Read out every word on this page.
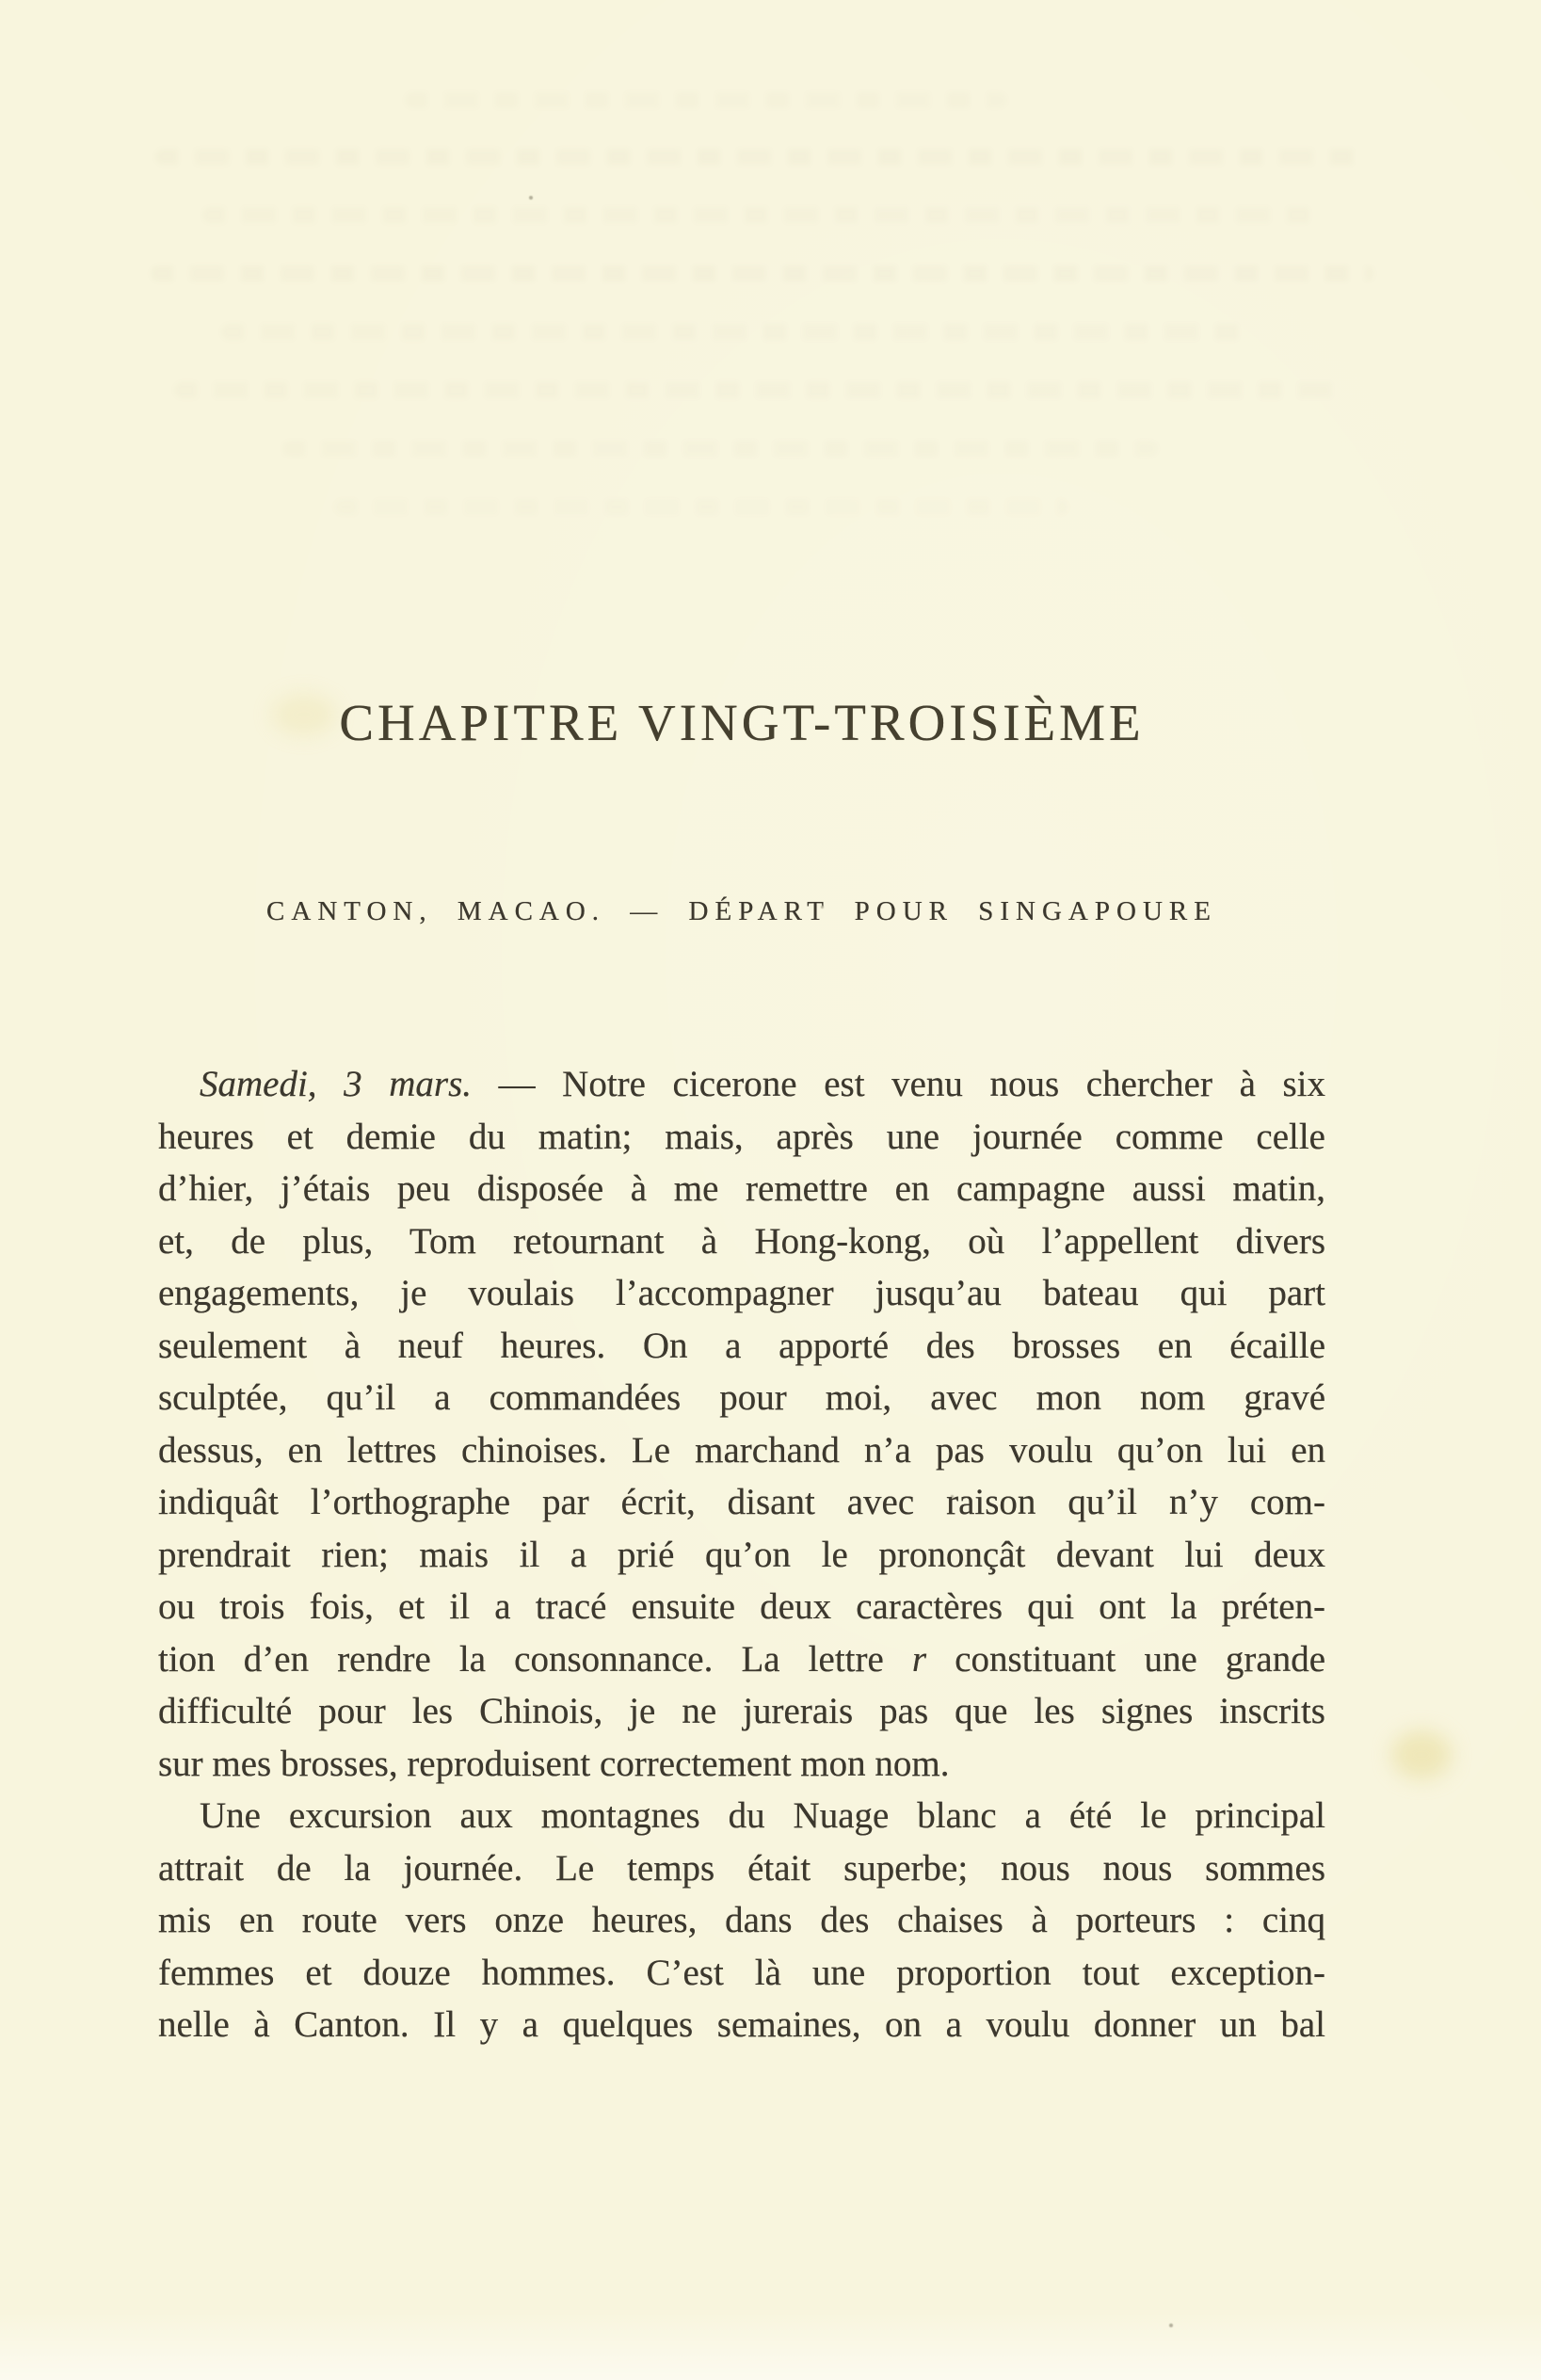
CHAPITRE VINGT-TROISIÈME
CANTON, MACAO. — DÉPART POUR SINGAPOURE
Samedi, 3 mars. — Notre cicerone est venu nous chercher à six
heures et demie du matin; mais, après une journée comme celle
d’hier, j’étais peu disposée à me remettre en campagne aussi matin,
et, de plus, Tom retournant à Hong-kong, où l’appellent divers
engagements, je voulais l’accompagner jusqu’au bateau qui part
seulement à neuf heures. On a apporté des brosses en écaille
sculptée, qu’il a commandées pour moi, avec mon nom gravé
dessus, en lettres chinoises. Le marchand n’a pas voulu qu’on lui en
indiquât l’orthographe par écrit, disant avec raison qu’il n’y com-
prendrait rien; mais il a prié qu’on le prononçât devant lui deux
ou trois fois, et il a tracé ensuite deux caractères qui ont la préten-
tion d’en rendre la consonnance. La lettre r constituant une grande
difficulté pour les Chinois, je ne jurerais pas que les signes inscrits
sur mes brosses, reproduisent correctement mon nom.
Une excursion aux montagnes du Nuage blanc a été le principal
attrait de la journée. Le temps était superbe; nous nous sommes
mis en route vers onze heures, dans des chaises à porteurs : cinq
femmes et douze hommes. C’est là une proportion tout exception-
nelle à Canton. Il y a quelques semaines, on a voulu donner un bal
